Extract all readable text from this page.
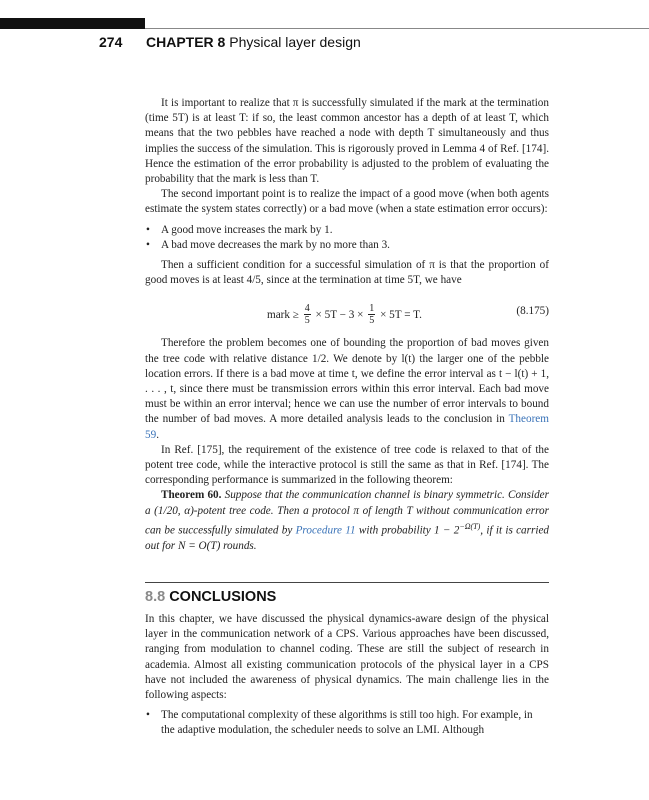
274 CHAPTER 8 Physical layer design

It is important to realize that π is successfully simulated if the mark at the termination (time 5T) is at least T: if so, the least common ancestor has a depth of at least T, which means that the two pebbles have reached a node with depth T simultaneously and thus implies the success of the simulation. This is rigorously proved in Lemma 4 of Ref. [174]. Hence the estimation of the error probability is adjusted to the problem of evaluating the probability that the mark is less than T.

The second important point is to realize the impact of a good move (when both agents estimate the system states correctly) or a bad move (when a state estimation error occurs):

• A good move increases the mark by 1.
• A bad move decreases the mark by no more than 3.

Then a sufficient condition for a successful simulation of π is that the proportion of good moves is at least 4/5, since at the termination at time 5T, we have

mark ≥ $\frac{4}{5} \times 5T - 3 \times \frac{1}{5} \times 5T = T$.	(8.175)

Therefore the problem becomes one of bounding the proportion of bad moves given the tree code with relative distance 1/2. We denote by l(t) the larger one of the pebble location errors. If there is a bad move at time t, we define the error interval as t − l(t) + 1, . . . , t, since there must be transmission errors within this error interval. Each bad move must be within an error interval; hence we can use the number of error intervals to bound the number of bad moves. A more detailed analysis leads to the conclusion in Theorem 59.

In Ref. [175], the requirement of the existence of tree code is relaxed to that of the potent tree code, while the interactive protocol is still the same as that in Ref. [174]. The corresponding performance is summarized in the following theorem:

Theorem 60. Suppose that the communication channel is binary symmetric. Consider a (1/20, α)-potent tree code. Then a protocol π of length T without communication error can be successfully simulated by Procedure 11 with probability $1 - 2^{-\Omega(T)}$, if it is carried out for N = O(T) rounds.

8.8 CONCLUSIONS

In this chapter, we have discussed the physical dynamics-aware design of the physical layer in the communication network of a CPS. Various approaches have been discussed, ranging from modulation to channel coding. These are still the subject of research in academia. Almost all existing communication protocols of the physical layer in a CPS have not included the awareness of physical dynamics. The main challenge lies in the following aspects:

• The computational complexity of these algorithms is still too high. For example, in the adaptive modulation, the scheduler needs to solve an LMI. Although
